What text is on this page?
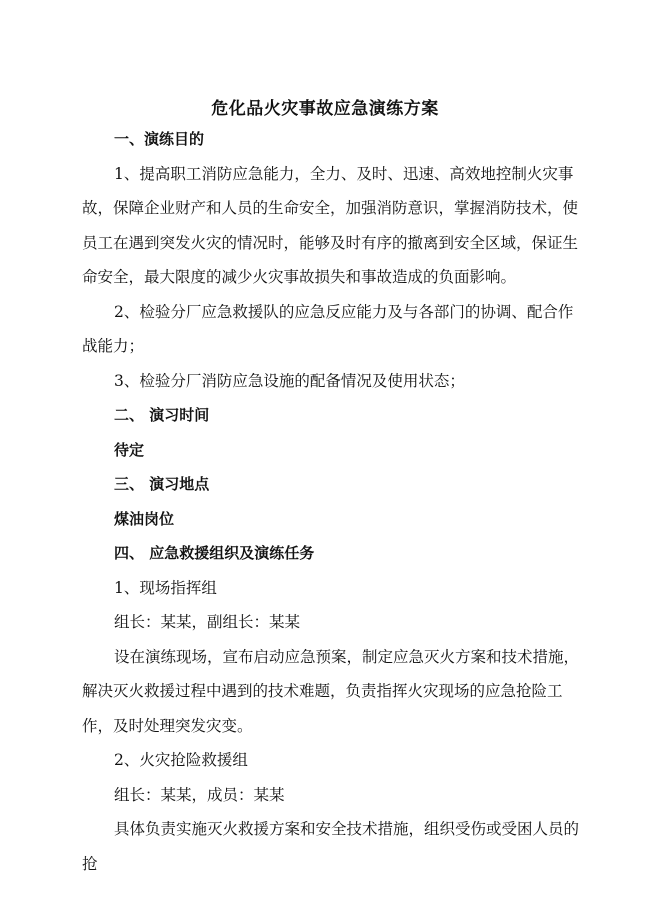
危化品火灾事故应急演练方案

一、演练目的

1、提高职工消防应急能力，全力、及时、迅速、高效地控制火灾事故，保障企业财产和人员的生命安全，加强消防意识，掌握消防技术，使员工在遇到突发火灾的情况时，能够及时有序的撤离到安全区域，保证生命安全，最大限度的减少火灾事故损失和事故造成的负面影响。

2、检验分厂应急救援队的应急反应能力及与各部门的协调、配合作战能力；

3、检验分厂消防应急设施的配备情况及使用状态；

二、 演习时间

待定

三、 演习地点

煤油岗位

四、 应急救援组织及演练任务

1、现场指挥组

组长：某某，副组长：某某

设在演练现场，宣布启动应急预案，制定应急灭火方案和技术措施，解决灭火救援过程中遇到的技术难题，负责指挥火灾现场的应急抢险工作，及时处理突发灾变。

2、火灾抢险救援组

组长：某某，成员：某某

具体负责实施灭火救援方案和安全技术措施，组织受伤或受困人员的抢
